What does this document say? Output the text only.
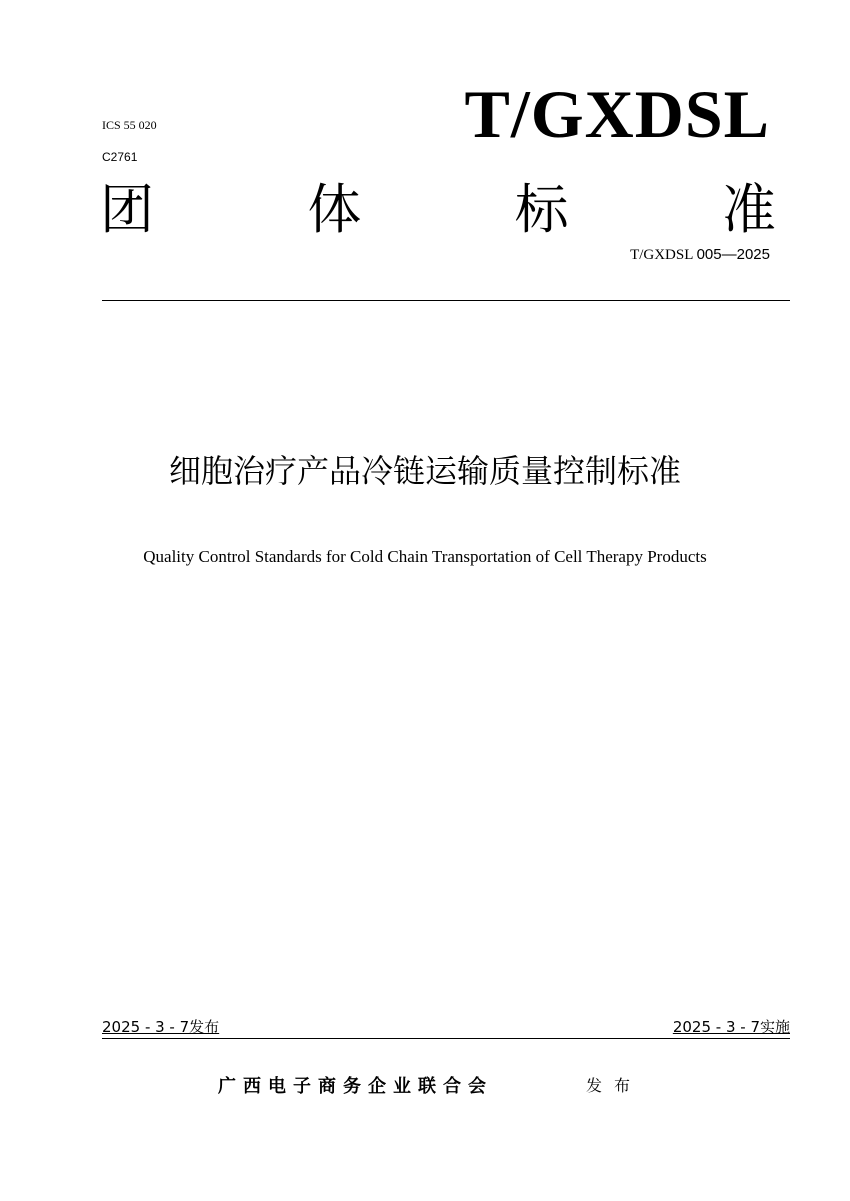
ICS 55 020
C2761
T/GXDSL
团	体	标	准
T/GXDSL 005—2025
细胞治疗产品冷链运输质量控制标准
Quality Control Standards for Cold Chain Transportation of Cell Therapy Products
2025 - 3 - 7发布	2025 - 3 - 7实施
广西电子商务企业联合会	发布
